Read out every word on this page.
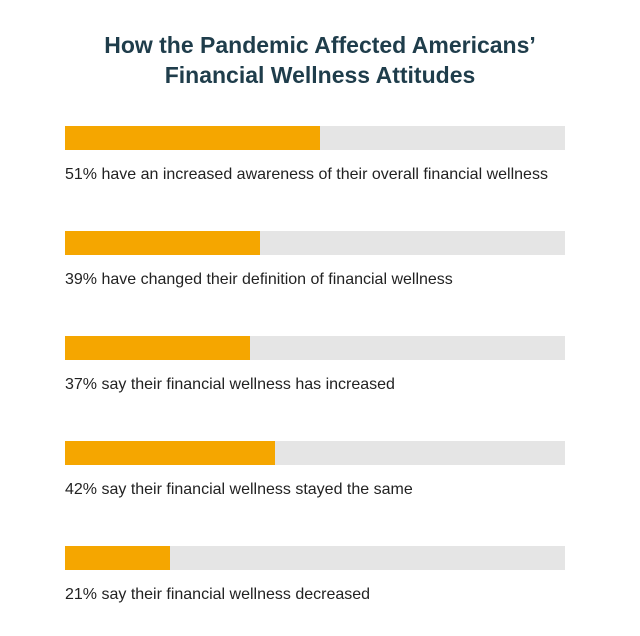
How the Pandemic Affected Americans’
Financial Wellness Attitudes
51% have an increased awareness of their overall financial wellness
39% have changed their definition of financial wellness
37% say their financial wellness has increased
42% say their financial wellness stayed the same
21% say their financial wellness decreased
